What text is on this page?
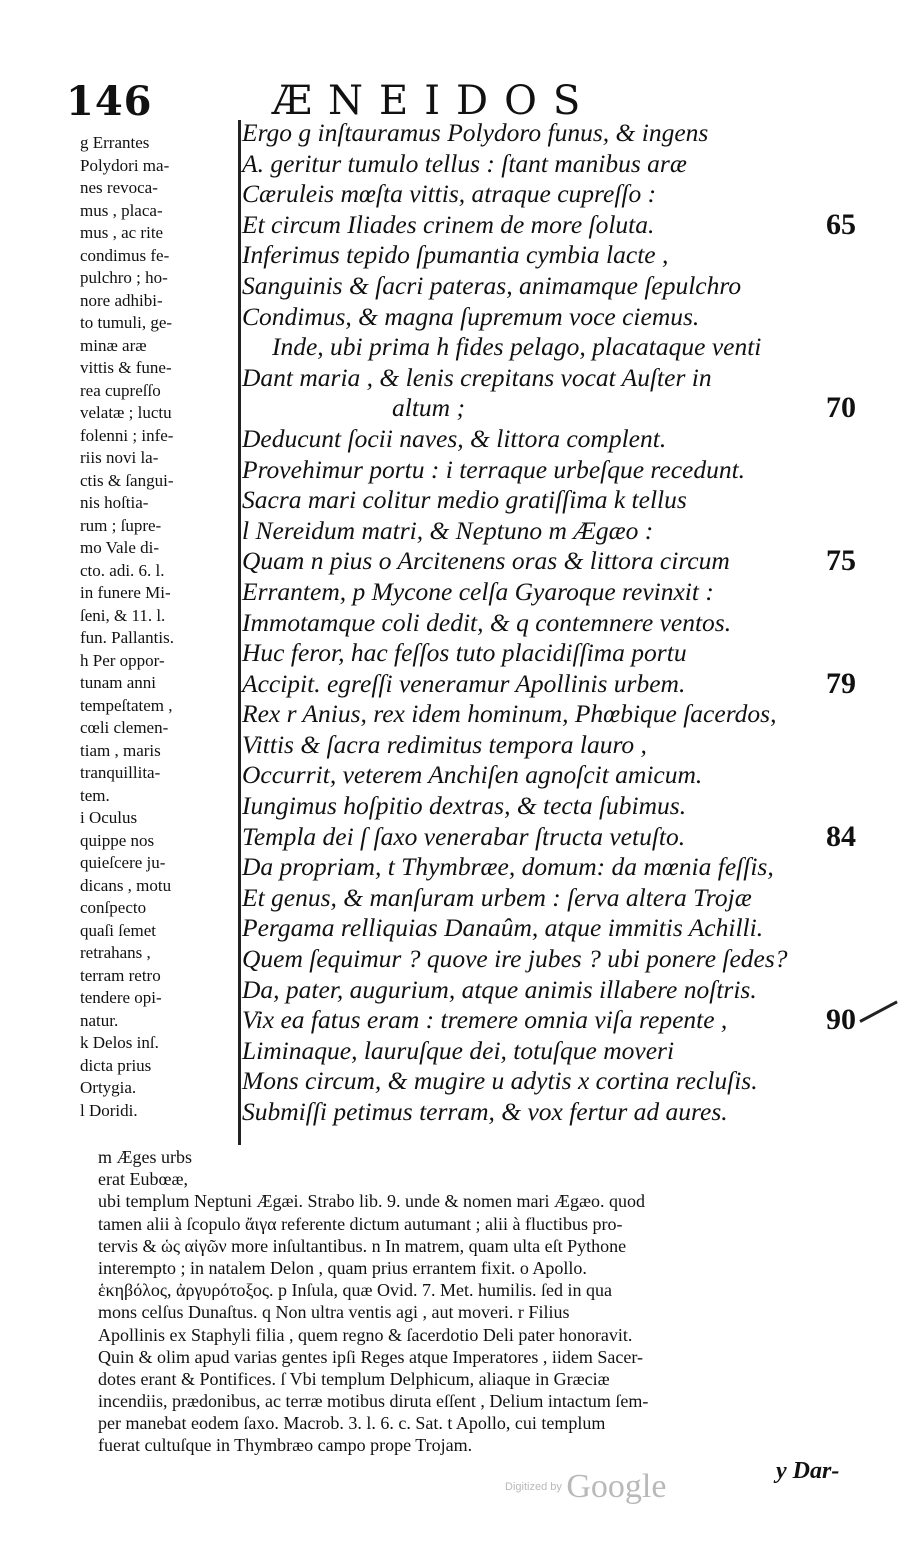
146	ÆNEIDOS
g Errantes
Polydori ma-
nes revoca-
mus , placa-
mus , ac rite
condimus fe-
pulchro ; ho-
nore adhibi-
to tumuli, ge-
minæ aræ
vittis & fune-
rea cupreſſo
velatæ ; luctu
folenni ; infe-
riis novi la-
ctis & ſangui-
nis hoſtia-
rum ; ſupre-
mo Vale di-
cto. adi. 6. l.
in funere Mi-
ſeni, & 11. l.
fun. Pallantis.
h Per oppor-
tunam anni
tempeſtatem ,
cœli clemen-
tiam , maris
tranquillita-
tem.
i Oculus
quippe nos
quieſcere ju-
dicans , motu
conſpecto
quaſi ſemet
retrahans ,
terram retro
tendere opi-
natur.
k Delos inſ.
dicta prius
Ortygia.
l Doridi.
Ergo g inſtauramus Polydoro funus, & ingens
A. geritur tumulo tellus : ſtant manibus aræ
Cæruleis mœſta vittis, atraque cupreſſo :
Et circum Iliades crinem de more ſoluta.	65
Inferimus tepido ſpumantia cymbia lacte ,
Sanguinis & ſacri pateras, animamque ſepulchro
Condimus, & magna ſupremum voce ciemus.
Inde, ubi prima h fides pelago, placataque venti
Dant maria , & lenis crepitans vocat Auſter in
altum ;	70
Deducunt ſocii naves, & littora complent.
Provehimur portu : i terraque urbeſque recedunt.
Sacra mari colitur medio gratiſſima k tellus
l Nereidum matri, & Neptuno m Ægæo :
Quam n pius o Arcitenens oras & littora circum	75
Errantem, p Mycone celſa Gyaroque revinxit :
Immotamque coli dedit, & q contemnere ventos.
Huc feror, hac feſſos tuto placidiſſima portu
Accipit. egreſſi veneramur Apollinis urbem.	79
Rex r Anius, rex idem hominum, Phœbique ſacerdos,
Vittis & ſacra redimitus tempora lauro ,
Occurrit, veterem Anchiſen agnoſcit amicum.
Iungimus hoſpitio dextras, & tecta ſubimus.
Templa dei ſ ſaxo venerabar ſtructa vetuſto.	84
Da propriam, t Thymbræe, domum: da mœnia feſſis,
Et genus, & manſuram urbem : ſerva altera Trojæ
Pergama relliquias Danaûm, atque immitis Achilli.
Quem ſequimur ? quove ire jubes ? ubi ponere ſedes?
Da, pater, augurium, atque animis illabere noſtris.
Vix ea fatus eram : tremere omnia viſa repente ,	90
Liminaque, lauruſque dei, totuſque moveri
Mons circum, & mugire u adytis x cortina recluſis.
Submiſſi petimus terram, & vox fertur ad aures.
m Æges urbs
erat Eubœæ,
ubi templum Neptuni Ægæi. Strabo lib. 9. unde & nomen mari Ægæo. quod
tamen alii à ſcopulo ἄιγα referente dictum autumant ; alii à fluctibus pro-
tervis & ὡς αἰγῶν more inſultantibus. n In matrem, quam ulta eſt Pythone
interempto ; in natalem Delon , quam prius errantem fixit. o Apollo.
ἑκηβόλος, ἀργυρότοξος. p Inſula, quæ Ovid. 7. Met. humilis. ſed in qua
mons celſus Dunaſtus. q Non ultra ventis agi , aut moveri. r Filius
Apollinis ex Staphyli filia , quem regno & ſacerdotio Deli pater honoravit.
Quin & olim apud varias gentes ipſi Reges atque Imperatores , iidem Sacer-
dotes erant & Pontifices. ſ Vbi templum Delphicum, aliaque in Græciæ
incendiis, prædonibus, ac terræ motibus diruta eſſent , Delium intactum ſem-
per manebat eodem ſaxo. Macrob. 3. l. 6. c. Sat. t Apollo, cui templum
fuerat cultuſque in Thymbræo campo prope Trojam.
Digitized by Google	y Dar-
